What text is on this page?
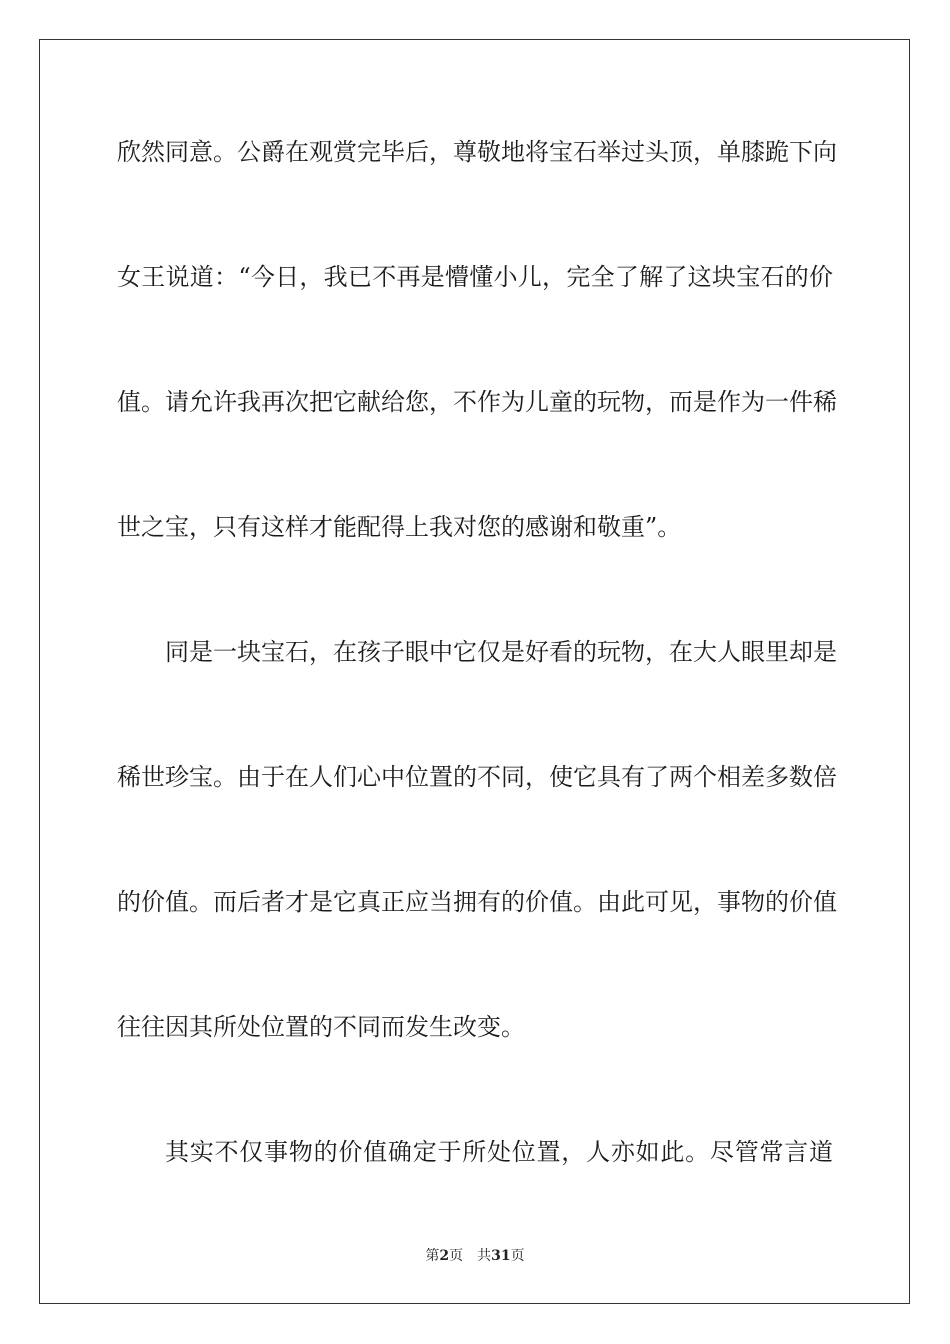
欣然同意。公爵在观赏完毕后，尊敬地将宝石举过头顶，单膝跪下向
女王说道：“今日，我已不再是懵懂小儿，完全了解了这块宝石的价
值。请允许我再次把它献给您，不作为儿童的玩物，而是作为一件稀
世之宝，只有这样才能配得上我对您的感谢和敬重”。
同是一块宝石，在孩子眼中它仅是好看的玩物，在大人眼里却是
稀世珍宝。由于在人们心中位置的不同，使它具有了两个相差多数倍
的价值。而后者才是它真正应当拥有的价值。由此可见，事物的价值
往往因其所处位置的不同而发生改变。
其实不仅事物的价值确定于所处位置，人亦如此。尽管常言道
第2页 共31页
